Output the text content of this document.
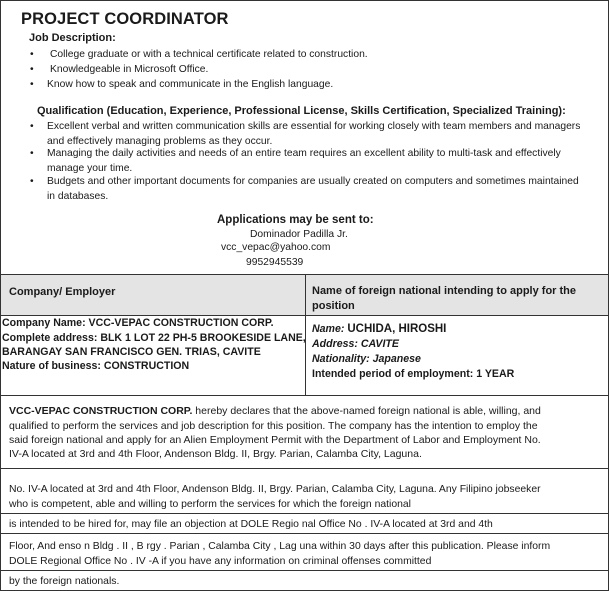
PROJECT COORDINATOR
Job Description:
• College graduate or with a technical certificate related to construction.
• Knowledgeable in Microsoft Office.
• Know how to speak and communicate in the English language.
Qualification (Education, Experience, Professional License, Skills Certification, Specialized Training):
• Excellent verbal and written communication skills are essential for working closely with team members and managers
and effectively managing problems as they occur.
• Managing the daily activities and needs of an entire team requires an excellent ability to multi-task and effectively
manage your time.
• Budgets and other important documents for companies are usually created on computers and sometimes maintained
in databases.
Applications may be sent to:
Dominador Padilla Jr.
vcc_vepac@yahoo.com
9952945539
Company/ Employer	Name of foreign national intending to apply for the
position
Company Name: VCC-VEPAC CONSTRUCTION CORP.
Complete address: BLK 1 LOT 22 PH-5 BROOKESIDE LANE,
BARANGAY SAN FRANCISCO GEN. TRIAS, CAVITE
Nature of business: CONSTRUCTION
Name: UCHIDA, HIROSHI
Address: CAVITE
Nationality: Japanese
Intended period of employment: 1 YEAR
VCC-VEPAC CONSTRUCTION CORP. hereby declares that the above-named foreign national is able, willing, and
qualified to perform the services and job description for this position. The company has the intention to employ the
said foreign national and apply for an Alien Employment Permit with the Department of Labor and Employment No.
IV-A located at 3rd and 4th Floor, Andenson Bldg. II, Brgy. Parian, Calamba City, Laguna.
No. IV-A located at 3rd and 4th Floor, Andenson Bldg. II, Brgy. Parian, Calamba City, Laguna. Any Filipino jobseeker
who is competent, able and willing to perform the services for which the foreign national
is intended to be hired for, may file an objection at DOLE Regio nal Office No . IV-A located at 3rd and 4th
Floor, And enso n Bldg . II , B rgy . Parian , Calamba City , Lag una within 30 days after this publication. Please inform
DOLE Regional Office No . IV -A if you have any information on criminal offenses committed
by the foreign nationals.
